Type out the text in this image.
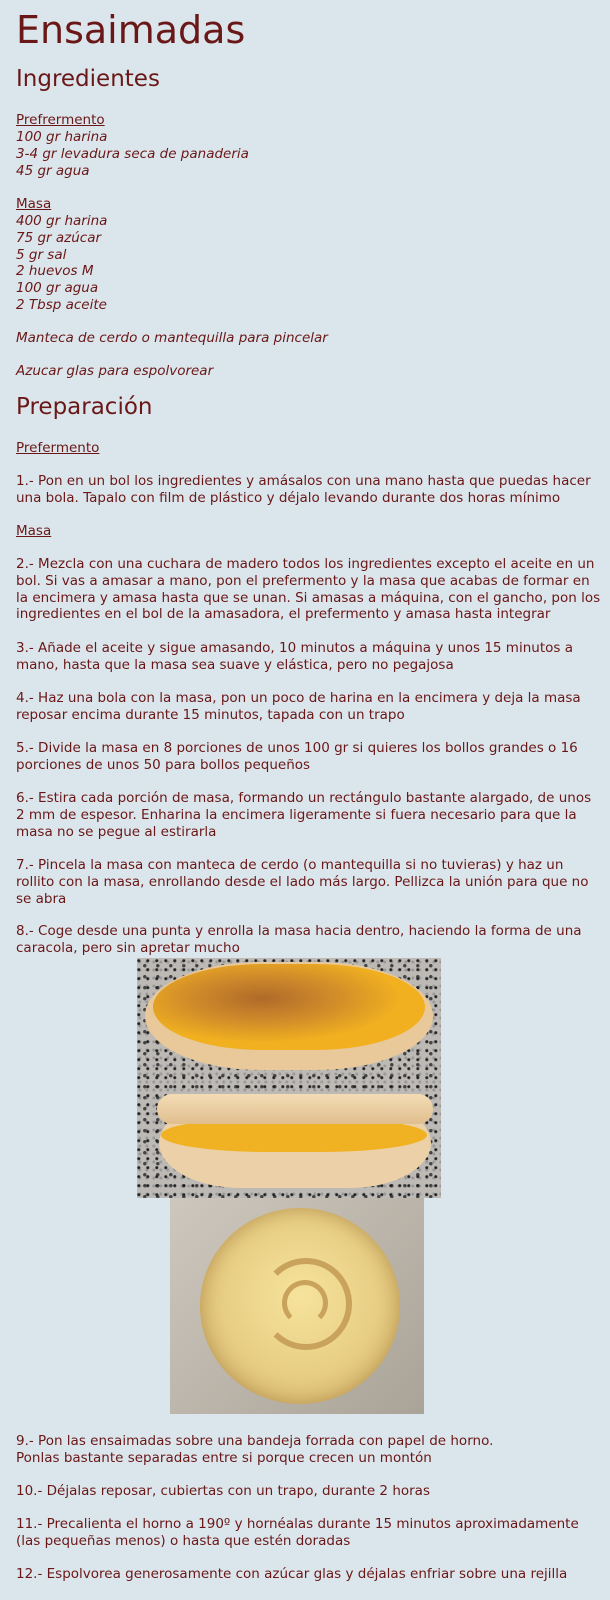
Ensaimadas
Ingredientes
Prefrermento
100 gr harina
3-4 gr levadura seca de panaderia
45 gr agua
Masa
400 gr harina
75 gr azúcar
5 gr sal
2 huevos M
100 gr agua
2 Tbsp aceite
Manteca de cerdo o mantequilla para pincelar
Azucar glas para espolvorear
Preparación
Prefermento
1.- Pon en un bol los ingredientes y amásalos con una mano hasta que puedas hacer una bola. Tapalo con film de plástico y déjalo levando durante dos horas mínimo
Masa
2.- Mezcla con una cuchara de madero todos los ingredientes excepto el aceite en un bol. Si vas a amasar a mano, pon el prefermento y la masa que acabas de formar en la encimera y amasa hasta que se unan. Si amasas a máquina, con el gancho, pon los ingredientes en el bol de la amasadora, el prefermento y amasa hasta integrar
3.- Añade el aceite y sigue amasando, 10 minutos a máquina y unos 15 minutos a mano, hasta que la masa sea suave y elástica, pero no pegajosa
4.- Haz una bola con la masa, pon un poco de harina en la encimera y deja la masa reposar encima durante 15 minutos, tapada con un trapo
5.- Divide la masa en 8 porciones de unos 100 gr si quieres los bollos grandes o 16 porciones de unos 50 para bollos pequeños
6.- Estira cada porción de masa, formando un rectángulo bastante alargado, de unos 2 mm de espesor. Enharina la encimera ligeramente si fuera necesario para que la masa no se pegue al estirarla
7.- Pincela la masa con manteca de cerdo (o mantequilla si no tuvieras) y haz un rollito con la masa, enrollando desde el lado más largo. Pellizca la unión para que no se abra
8.- Coge desde una punta y enrolla la masa hacia dentro, haciendo la forma de una caracola, pero sin apretar mucho
9.- Pon las ensaimadas sobre una bandeja forrada con papel de horno.
Ponlas bastante separadas entre si porque crecen un montón
10.- Déjalas reposar, cubiertas con un trapo, durante 2 horas
11.- Precalienta el horno a 190º y hornéalas durante 15 minutos aproximadamente (las pequeñas menos) o hasta que estén doradas
12.- Espolvorea generosamente con azúcar glas y déjalas enfriar sobre una rejilla
